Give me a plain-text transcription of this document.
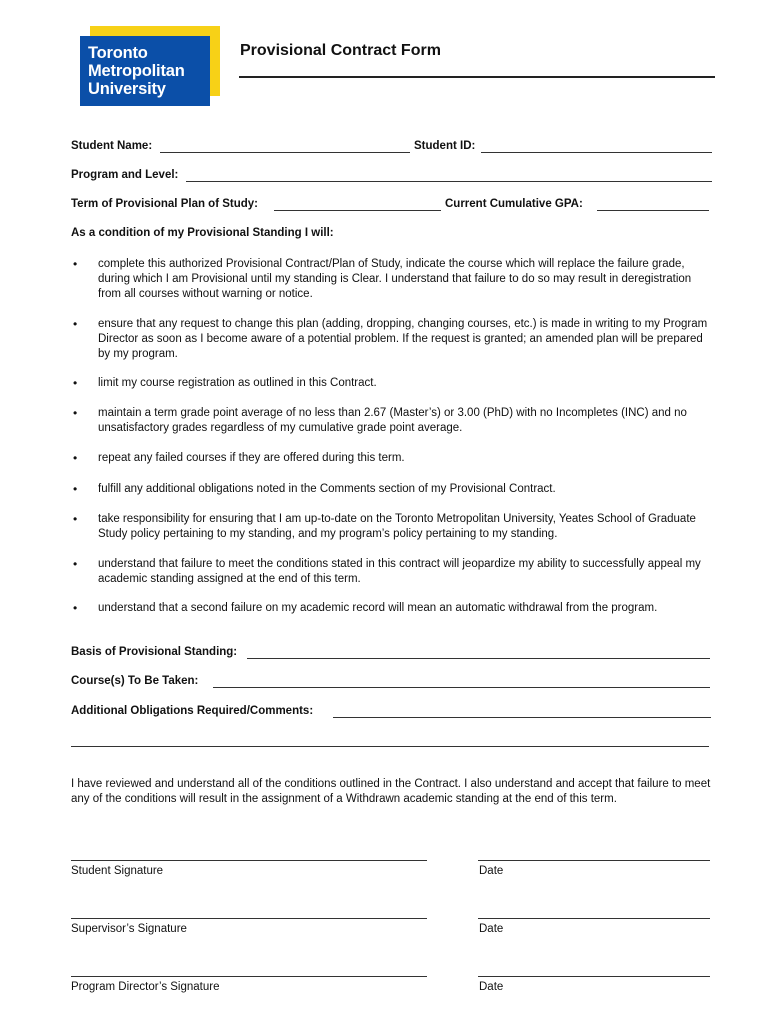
Toronto
Metropolitan
University
Provisional Contract Form
Student Name:	Student ID:
Program and Level:
Term of Provisional Plan of Study:	Current Cumulative GPA:
As a condition of my Provisional Standing I will:
• complete this authorized Provisional Contract/Plan of Study, indicate the course which will replace the failure grade, during which I am Provisional until my standing is Clear. I understand that failure to do so may result in deregistration from all courses without warning or notice.
• ensure that any request to change this plan (adding, dropping, changing courses, etc.) is made in writing to my Program Director as soon as I become aware of a potential problem. If the request is granted; an amended plan will be prepared by my program.
• limit my course registration as outlined in this Contract.
• maintain a term grade point average of no less than 2.67 (Master’s) or 3.00 (PhD) with no Incompletes (INC) and no unsatisfactory grades regardless of my cumulative grade point average.
• repeat any failed courses if they are offered during this term.
• fulfill any additional obligations noted in the Comments section of my Provisional Contract.
• take responsibility for ensuring that I am up-to-date on the Toronto Metropolitan University, Yeates School of Graduate Study policy pertaining to my standing, and my program’s policy pertaining to my standing.
• understand that failure to meet the conditions stated in this contract will jeopardize my ability to successfully appeal my academic standing assigned at the end of this term.
• understand that a second failure on my academic record will mean an automatic withdrawal from the program.
Basis of Provisional Standing:
Course(s) To Be Taken:
Additional Obligations Required/Comments:
I have reviewed and understand all of the conditions outlined in the Contract. I also understand and accept that failure to meet any of the conditions will result in the assignment of a Withdrawn academic standing at the end of this term.
Student Signature	Date
Supervisor’s Signature	Date
Program Director’s Signature	Date
